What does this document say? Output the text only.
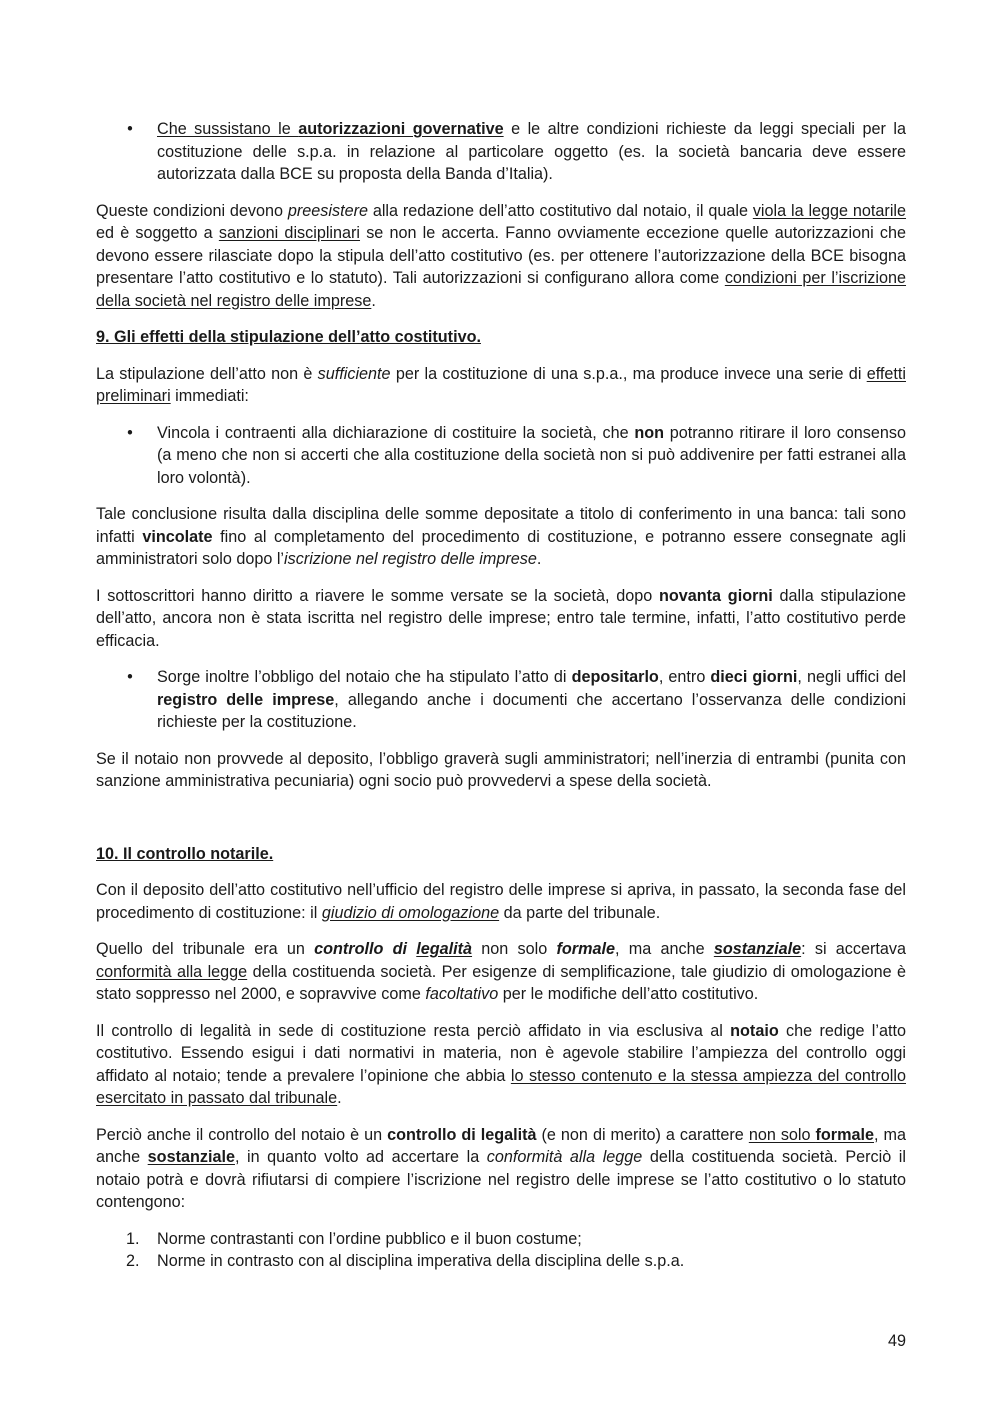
• Che sussistano le autorizzazioni governative e le altre condizioni richieste da leggi speciali per la costituzione delle s.p.a. in relazione al particolare oggetto (es. la società bancaria deve essere autorizzata dalla BCE su proposta della Banda d’Italia).

Queste condizioni devono preesistere alla redazione dell’atto costitutivo dal notaio, il quale viola la legge notarile ed è soggetto a sanzioni disciplinari se non le accerta. Fanno ovviamente eccezione quelle autorizzazioni che devono essere rilasciate dopo la stipula dell’atto costitutivo (es. per ottenere l’autorizzazione della BCE bisogna presentare l’atto costitutivo e lo statuto). Tali autorizzazioni si configurano allora come condizioni per l’iscrizione della società nel registro delle imprese.

9. Gli effetti della stipulazione dell’atto costitutivo.

La stipulazione dell’atto non è sufficiente per la costituzione di una s.p.a., ma produce invece una serie di effetti preliminari immediati:

• Vincola i contraenti alla dichiarazione di costituire la società, che non potranno ritirare il loro consenso (a meno che non si accerti che alla costituzione della società non si può addivenire per fatti estranei alla loro volontà).

Tale conclusione risulta dalla disciplina delle somme depositate a titolo di conferimento in una banca: tali sono infatti vincolate fino al completamento del procedimento di costituzione, e potranno essere consegnate agli amministratori solo dopo l’iscrizione nel registro delle imprese.

I sottoscrittori hanno diritto a riavere le somme versate se la società, dopo novanta giorni dalla stipulazione dell’atto, ancora non è stata iscritta nel registro delle imprese; entro tale termine, infatti, l’atto costitutivo perde efficacia.

• Sorge inoltre l’obbligo del notaio che ha stipulato l’atto di depositarlo, entro dieci giorni, negli uffici del registro delle imprese, allegando anche i documenti che accertano l’osservanza delle condizioni richieste per la costituzione.

Se il notaio non provvede al deposito, l’obbligo graverà sugli amministratori; nell’inerzia di entrambi (punita con sanzione amministrativa pecuniaria) ogni socio può provvedervi a spese della società.

10. Il controllo notarile.

Con il deposito dell’atto costitutivo nell’ufficio del registro delle imprese si apriva, in passato, la seconda fase del procedimento di costituzione: il giudizio di omologazione da parte del tribunale.

Quello del tribunale era un controllo di legalità non solo formale, ma anche sostanziale: si accertava conformità alla legge della costituenda società. Per esigenze di semplificazione, tale giudizio di omologazione è stato soppresso nel 2000, e sopravvive come facoltativo per le modifiche dell’atto costitutivo.

Il controllo di legalità in sede di costituzione resta perciò affidato in via esclusiva al notaio che redige l’atto costitutivo. Essendo esigui i dati normativi in materia, non è agevole stabilire l’ampiezza del controllo oggi affidato al notaio; tende a prevalere l’opinione che abbia lo stesso contenuto e la stessa ampiezza del controllo esercitato in passato dal tribunale.

Perciò anche il controllo del notaio è un controllo di legalità (e non di merito) a carattere non solo formale, ma anche sostanziale, in quanto volto ad accertare la conformità alla legge della costituenda società. Perciò il notaio potrà e dovrà rifiutarsi di compiere l’iscrizione nel registro delle imprese se l’atto costitutivo o lo statuto contengono:

1. Norme contrastanti con l’ordine pubblico e il buon costume;
2. Norme in contrasto con al disciplina imperativa della disciplina delle s.p.a.
49
